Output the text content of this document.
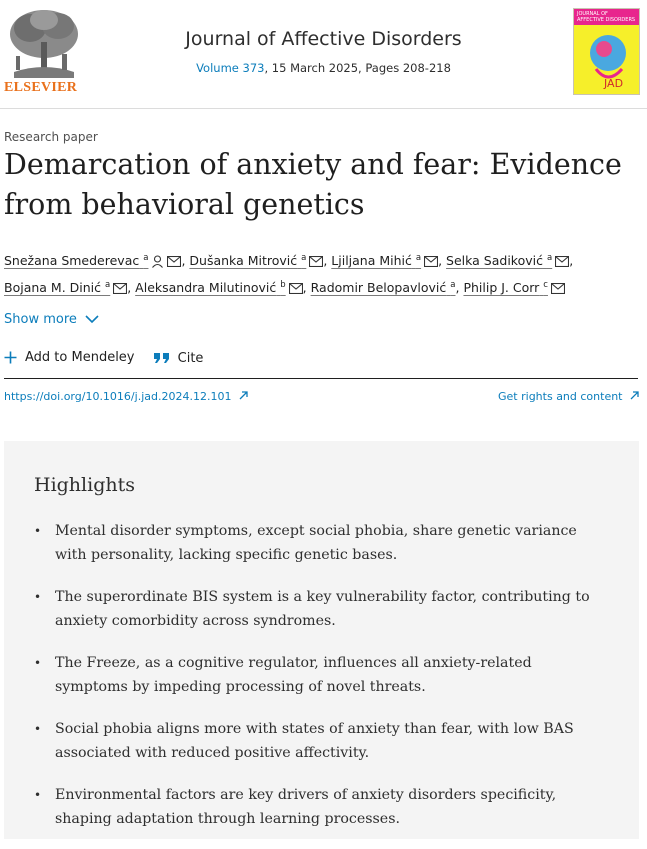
ELSEVIER
Journal of Affective Disorders
Volume 373, 15 March 2025, Pages 208-218
JOURNAL OF AFFECTIVE DISORDERS
JAD
Research paper
Demarcation of anxiety and fear: Evidence from behavioral genetics
Snežana Smederevac $^a$	, Dušanka Mitrović $^a$ , Ljiljana Mihić $^a$ , Selka Sadiković $^a$ , Bojana M. Dinić $^a$ , Aleksandra Milutinović $^b$ , Radomir Belopavlović $^a$, Philip J. Corr $^c$
Show more
Add to Mendeley
	Cite
https://doi.org/10.1016/j.jad.2024.12.101	Get rights and content
Highlights
• Mental disorder symptoms, except social phobia, share genetic variance with personality, lacking specific genetic bases.
• The superordinate BIS system is a key vulnerability factor, contributing to anxiety comorbidity across syndromes.
• The Freeze, as a cognitive regulator, influences all anxiety-related symptoms by impeding processing of novel threats.
• Social phobia aligns more with states of anxiety than fear, with low BAS associated with reduced positive affectivity.
• Environmental factors are key drivers of anxiety disorders specificity, shaping adaptation through learning processes.
